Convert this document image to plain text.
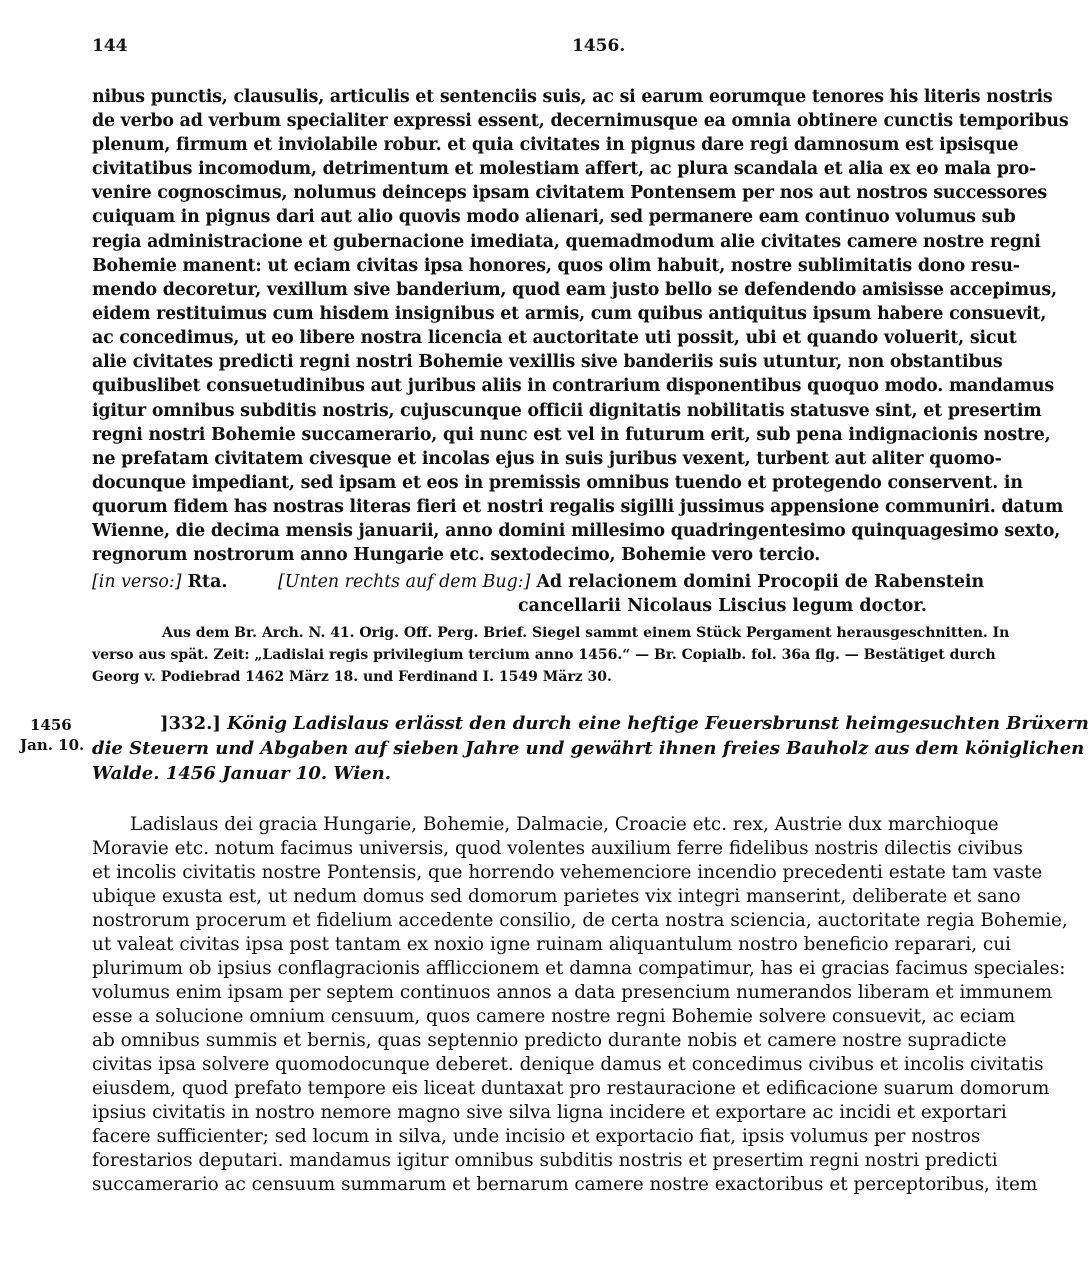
144	1456.
nibus punctis, clausulis, articulis et sentenciis suis, ac si earum eorumque tenores his literis nostris
de verbo ad verbum specialiter expressi essent, decernimusque ea omnia obtinere cunctis temporibus
plenum, firmum et inviolabile robur. et quia civitates in pignus dare regi damnosum est ipsisque
civitatibus incomodum, detrimentum et molestiam affert, ac plura scandala et alia ex eo mala pro-
venire cognoscimus, nolumus deinceps ipsam civitatem Pontensem per nos aut nostros successores
cuiquam in pignus dari aut alio quovis modo alienari, sed permanere eam continuo volumus sub
regia administracione et gubernacione imediata, quemadmodum alie civitates camere nostre regni
Bohemie manent: ut eciam civitas ipsa honores, quos olim habuit, nostre sublimitatis dono resu-
mendo decoretur, vexillum sive banderium, quod eam justo bello se defendendo amisisse accepimus,
eidem restituimus cum hisdem insignibus et armis, cum quibus antiquitus ipsum habere consuevit,
ac concedimus, ut eo libere nostra licencia et auctoritate uti possit, ubi et quando voluerit, sicut
alie civitates predicti regni nostri Bohemie vexillis sive banderiis suis utuntur, non obstantibus
quibuslibet consuetudinibus aut juribus aliis in contrarium disponentibus quoquo modo. mandamus
igitur omnibus subditis nostris, cujuscunque officii dignitatis nobilitatis statusve sint, et presertim
regni nostri Bohemie succamerario, qui nunc est vel in futurum erit, sub pena indignacionis nostre,
ne prefatam civitatem civesque et incolas ejus in suis juribus vexent, turbent aut aliter quomo-
docunque impediant, sed ipsam et eos in premissis omnibus tuendo et protegendo conservent. in
quorum fidem has nostras literas fieri et nostri regalis sigilli jussimus appensione communiri. datum
Wienne, die decima mensis januarii, anno domini millesimo quadringentesimo quinquagesimo sexto,
regnorum nostrorum anno Hungarie etc. sextodecimo, Bohemie vero tercio.
[in verso:] Rta.	[Unten rechts auf dem Bug:] Ad relacionem domini Procopii de Rabenstein
cancellarii Nicolaus Liscius legum doctor.
Aus dem Br. Arch. N. 41. Orig. Off. Perg. Brief. Siegel sammt einem Stück Pergament herausgeschnitten. In
verso aus spät. Zeit: „Ladislai regis privilegium tercium anno 1456.“ — Br. Copialb. fol. 36a flg. — Bestätiget durch
Georg v. Podiebrad 1462 März 18. und Ferdinand I. 1549 März 30.
1456
Jan. 10.
]332.] König Ladislaus erlässt den durch eine heftige Feuersbrunst heimgesuchten Brüxern
die Steuern und Abgaben auf sieben Jahre und gewährt ihnen freies Bauholz aus dem königlichen
Walde. 1456 Januar 10. Wien.
Ladislaus dei gracia Hungarie, Bohemie, Dalmacie, Croacie etc. rex, Austrie dux marchioque
Moravie etc. notum facimus universis, quod volentes auxilium ferre fidelibus nostris dilectis civibus
et incolis civitatis nostre Pontensis, que horrendo vehemenciore incendio precedenti estate tam vaste
ubique exusta est, ut nedum domus sed domorum parietes vix integri manserint, deliberate et sano
nostrorum procerum et fidelium accedente consilio, de certa nostra sciencia, auctoritate regia Bohemie,
ut valeat civitas ipsa post tantam ex noxio igne ruinam aliquantulum nostro beneficio reparari, cui
plurimum ob ipsius conflagracionis affliccionem et damna compatimur, has ei gracias facimus speciales:
volumus enim ipsam per septem continuos annos a data presencium numerandos liberam et immunem
esse a solucione omnium censuum, quos camere nostre regni Bohemie solvere consuevit, ac eciam
ab omnibus summis et bernis, quas septennio predicto durante nobis et camere nostre supradicte
civitas ipsa solvere quomodocunque deberet. denique damus et concedimus civibus et incolis civitatis
eiusdem, quod prefato tempore eis liceat duntaxat pro restauracione et edificacione suarum domorum
ipsius civitatis in nostro nemore magno sive silva ligna incidere et exportare ac incidi et exportari
facere sufficienter; sed locum in silva, unde incisio et exportacio fiat, ipsis volumus per nostros
forestarios deputari. mandamus igitur omnibus subditis nostris et presertim regni nostri predicti
succamerario ac censuum summarum et bernarum camere nostre exactoribus et perceptoribus, item
